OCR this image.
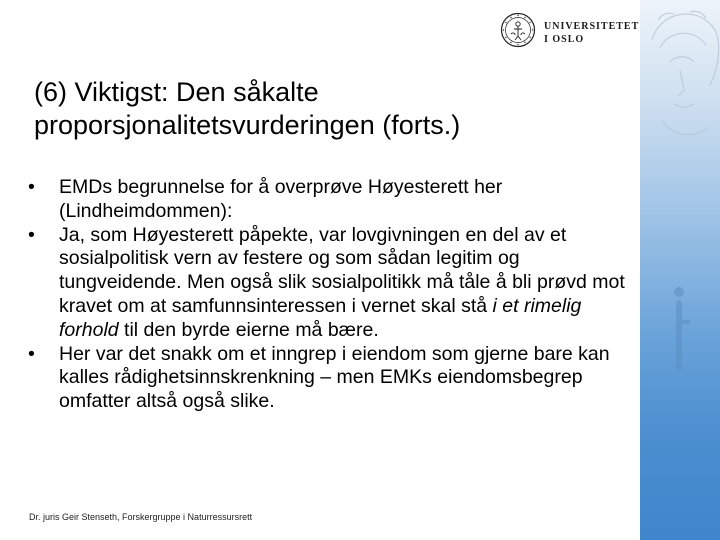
UNIVERSITETET
I OSLO
(6) Viktigst: Den såkalte
proporsjonalitetsvurderingen (forts.)
•	EMDs begrunnelse for å overprøve Høyesterett her (Lindheimdommen):
•	Ja, som Høyesterett påpekte, var lovgivningen en del av et sosialpolitisk vern av festere og som sådan legitim og tungveidende. Men også slik sosialpolitikk må tåle å bli prøvd mot kravet om at samfunnsinteressen i vernet skal stå i et rimelig forhold til den byrde eierne må bære.
•	Her var det snakk om et inngrep i eiendom som gjerne bare kan kalles rådighetsinnskrenkning – men EMKs eiendomsbegrep omfatter altså også slike.
Dr. juris Geir Stenseth, Forskergruppe i Naturressursrett
